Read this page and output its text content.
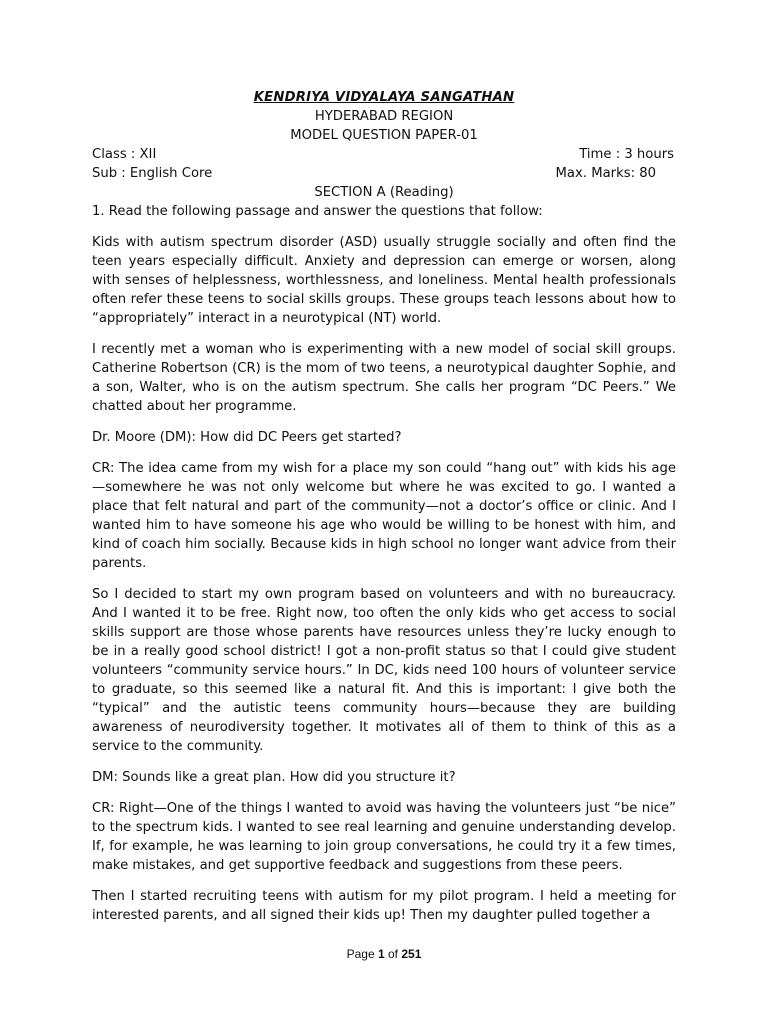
KENDRIYA VIDYALAYA SANGATHAN
HYDERABAD REGION
MODEL QUESTION PAPER-01
Class : XII	Time : 3 hours
Sub : English Core	Max. Marks: 80
SECTION A (Reading)
1. Read the following passage and answer the questions that follow:

Kids with autism spectrum disorder (ASD) usually struggle socially and often find the teen years especially difficult. Anxiety and depression can emerge or worsen, along with senses of helplessness, worthlessness, and loneliness. Mental health professionals often refer these teens to social skills groups. These groups teach lessons about how to “appropriately” interact in a neurotypical (NT) world.

I recently met a woman who is experimenting with a new model of social skill groups. Catherine Robertson (CR) is the mom of two teens, a neurotypical daughter Sophie, and a son, Walter, who is on the autism spectrum. She calls her program “DC Peers.” We chatted about her programme.

Dr. Moore (DM): How did DC Peers get started?

CR: The idea came from my wish for a place my son could “hang out” with kids his age—somewhere he was not only welcome but where he was excited to go. I wanted a place that felt natural and part of the community—not a doctor’s office or clinic. And I wanted him to have someone his age who would be willing to be honest with him, and kind of coach him socially. Because kids in high school no longer want advice from their parents.

So I decided to start my own program based on volunteers and with no bureaucracy. And I wanted it to be free. Right now, too often the only kids who get access to social skills support are those whose parents have resources unless they’re lucky enough to be in a really good school district! I got a non-profit status so that I could give student volunteers “community service hours.” In DC, kids need 100 hours of volunteer service to graduate, so this seemed like a natural fit. And this is important: I give both the “typical” and the autistic teens community hours—because they are building awareness of neurodiversity together. It motivates all of them to think of this as a service to the community.

DM: Sounds like a great plan. How did you structure it?

CR: Right—One of the things I wanted to avoid was having the volunteers just “be nice” to the spectrum kids. I wanted to see real learning and genuine understanding develop. If, for example, he was learning to join group conversations, he could try it a few times, make mistakes, and get supportive feedback and suggestions from these peers.

Then I started recruiting teens with autism for my pilot program. I held a meeting for interested parents, and all signed their kids up! Then my daughter pulled together a

Page 1 of 251
